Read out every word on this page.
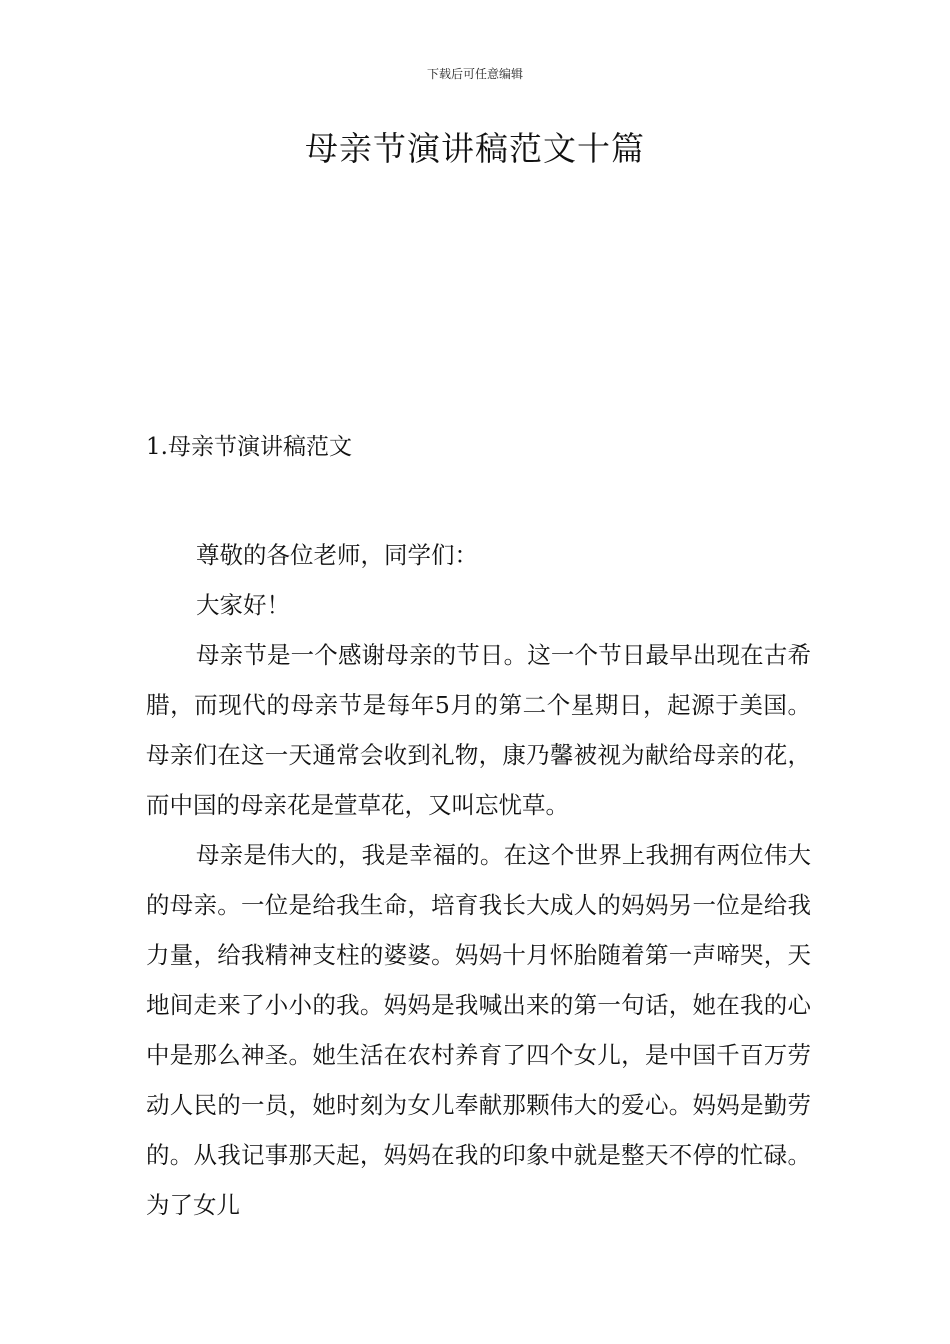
下载后可任意编辑
母亲节演讲稿范文十篇
1.母亲节演讲稿范文

尊敬的各位老师，同学们：

大家好！

母亲节是一个感谢母亲的节日。这一个节日最早出现在古希腊，而现代的母亲节是每年5月的第二个星期日，起源于美国。母亲们在这一天通常会收到礼物，康乃馨被视为献给母亲的花，而中国的母亲花是萱草花，又叫忘忧草。

母亲是伟大的，我是幸福的。在这个世界上我拥有两位伟大的母亲。一位是给我生命，培育我长大成人的妈妈另一位是给我力量，给我精神支柱的婆婆。妈妈十月怀胎随着第一声啼哭，天地间走来了小小的我。妈妈是我喊出来的第一句话，她在我的心中是那么神圣。她生活在农村养育了四个女儿，是中国千百万劳动人民的一员，她时刻为女儿奉献那颗伟大的爱心。妈妈是勤劳的。从我记事那天起，妈妈在我的印象中就是整天不停的忙碌。为了女儿
